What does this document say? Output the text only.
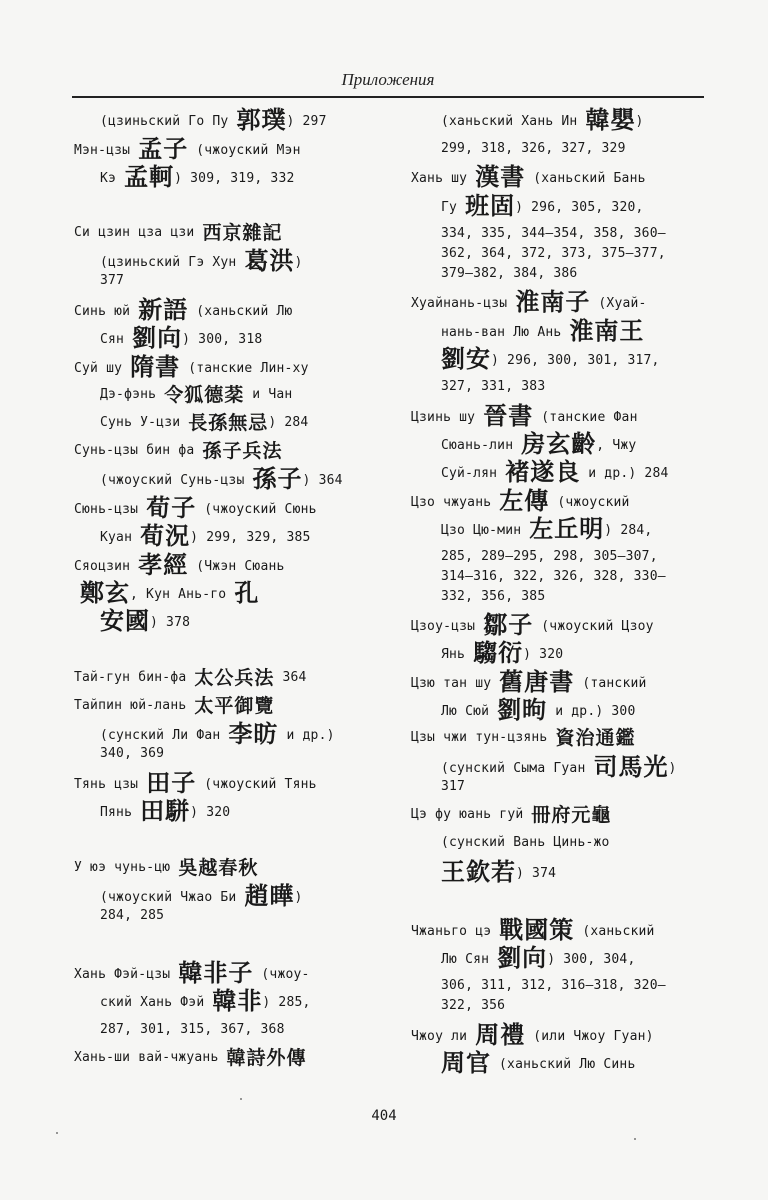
Приложения
(цзиньский Го Пу 郭璞) 297
Мэн-цзы 孟子 (чжоуский Мэн
Кэ 孟軻) 309, 319, 332
Си цзин цза цзи 西京雜記
(цзиньский Гэ Хун 葛洪)
377
Синь юй 新語 (ханьский Лю
Сян 劉向) 300, 318
Суй шу 隋書 (танские Лин-ху
Дэ-фэнь 令狐德棻 и Чан
Сунь У-цзи 長孫無忌) 284
Сунь-цзы бин фа 孫子兵法
(чжоуский Сунь-цзы 孫子) 364
Сюнь-цзы 荀子 (чжоуский Сюнь
Куан 荀況) 299, 329, 385
Сяоцзин 孝經 (Чжэн Сюань
鄭玄, Кун Ань-го 孔
安國) 378
Тай-гун бин-фа 太公兵法 364
Тайпин юй-лань 太平御覽
(сунский Ли Фан 李昉 и др.)
340, 369
Тянь цзы 田子 (чжоуский Тянь
Пянь 田駢) 320
У юэ чунь-цю 吳越春秋
(чжоуский Чжао Би 趙曄)
284, 285
Хань Фэй-цзы 韓非子 (чжоу-
ский Хань Фэй 韓非) 285,
287, 301, 315, 367, 368
Хань-ши вай-чжуань 韓詩外傳
(ханьский Хань Ин 韓嬰)
299, 318, 326, 327, 329
Хань шу 漢書 (ханьский Бань
Гу 班固) 296, 305, 320,
334, 335, 344–354, 358, 360–
362, 364, 372, 373, 375–377,
379–382, 384, 386
Хуайнань-цзы 淮南子 (Хуай-
нань-ван Лю Ань 淮南王
劉安) 296, 300, 301, 317,
327, 331, 383
Цзинь шу 晉書 (танские Фан
Сюань-лин 房玄齡, Чжу
Суй-лян 褚遂良 и др.) 284
Цзо чжуань 左傳 (чжоуский
Цзо Цю-мин 左丘明) 284,
285, 289–295, 298, 305–307,
314–316, 322, 326, 328, 330–
332, 356, 385
Цзоу-цзы 鄒子 (чжоуский Цзоу
Янь 騶衍) 320
Цзю тан шу 舊唐書 (танский
Лю Сюй 劉昫 и др.) 300
Цзы чжи тун-цзянь 資治通鑑
(сунский Сыма Гуан 司馬光)
317
Цэ фу юань гуй 冊府元龜
(сунский Вань Цинь-жо
王欽若) 374
Чжаньго цэ 戰國策 (ханьский
Лю Сян 劉向) 300, 304,
306, 311, 312, 316–318, 320–
322, 356
Чжоу ли 周禮 (или Чжоу Гуан)
周官 (ханьский Лю Синь
404
